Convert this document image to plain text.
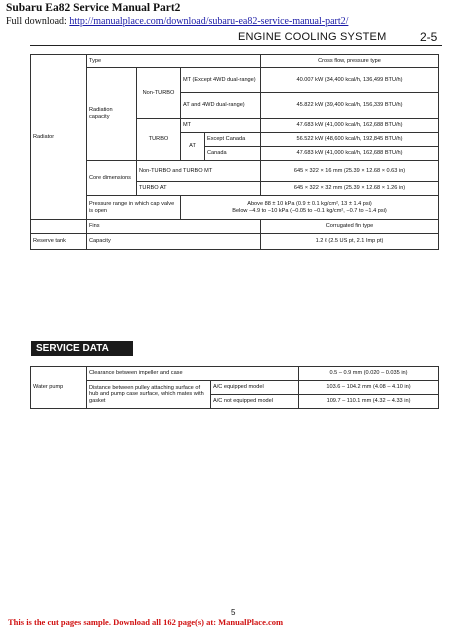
Subaru Ea82 Service Manual Part2
Full download: http://manualplace.com/download/subaru-ea82-service-manual-part2/
ENGINE COOLING SYSTEM	2-5
Radiator	Type				Cross flow, pressure type
	Radiation capacity	Non-TURBO	MT (Except 4WD dual-range)		40.007 kW (34,400 kcal/h, 136,499 BTU/h)
			AT and 4WD dual-range)		45.822 kW (39,400 kcal/h, 156,339 BTU/h)
		TURBO	MT		47.683 kW (41,000 kcal/h, 162,688 BTU/h)
			AT	Except Canada	56.522 kW (48,600 kcal/h, 192,845 BTU/h)
				Canada	47.683 kW (41,000 kcal/h, 162,688 BTU/h)
	Core dimensions	Non-TURBO and TURBO MT			645 × 322 × 16 mm (25.39 × 12.68 × 0.63 in)
		TURBO AT			645 × 322 × 32 mm (25.39 × 12.68 × 1.26 in)
	Pressure range in which cap valve is open		Above 88 ± 10 kPa (0.9 ± 0.1 kg/cm², 13 ± 1.4 psi)
Below −4.9 to −10 kPa (−0.05 to −0.1 kg/cm², −0.7 to −1.4 psi)		

	Fins				Corrugated fin type
Reserve tank	Capacity				1.2 ℓ (2.5 US pt, 2.1 Imp pt)
SERVICE DATA
Water pump	Clearance between impeller and case		0.5 – 0.9 mm (0.020 – 0.035 in)
	Distance between pulley attaching surface of hub and pump case surface, which mates with gasket	A/C equipped model	103.6 – 104.2 mm (4.08 – 4.10 in)
		A/C not equipped model	109.7 – 110.1 mm (4.32 – 4.33 in)
5
This is the cut pages sample. Download all 162 page(s) at: ManualPlace.com
